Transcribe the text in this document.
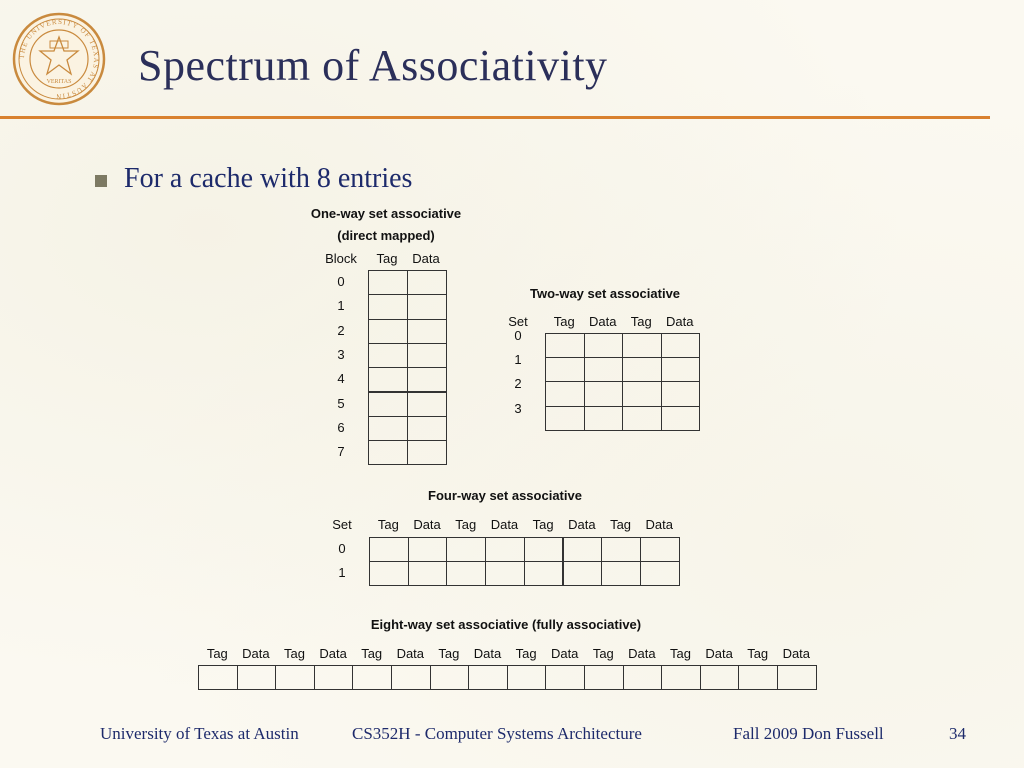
THE UNIVERSITY OF TEXAS AT AUSTIN
VERITAS Spectrum of Associativity
For a cache with 8 entries
One-way set associative
(direct mapped)
Block Tag Data
0
1
2
3
4
5
6
7
Two-way set associative
Set Tag Data Tag Data
0
1
2
3
Four-way set associative
Set Tag Data Tag Data Tag Data Tag Data
0
1
Eight-way set associative (fully associative)
Tag Data Tag Data Tag Data Tag Data Tag Data Tag Data Tag Data Tag Data
University of Texas at Austin	CS352H - Computer Systems Architecture	Fall 2009 Don Fussell	34
